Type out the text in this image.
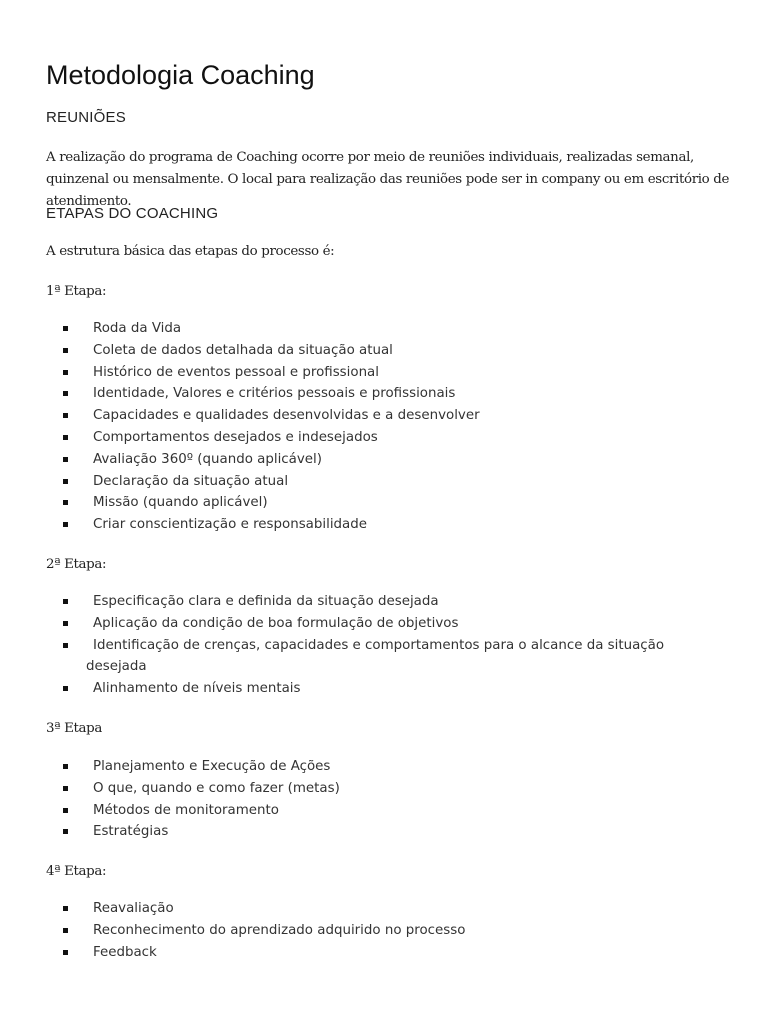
Metodologia Coaching
REUNIÕES

A realização do programa de Coaching ocorre por meio de reuniões individuais, realizadas semanal, quinzenal ou mensalmente. O local para realização das reuniões pode ser in company ou em escritório de atendimento.

ETAPAS DO COACHING

A estrutura básica das etapas do processo é:

1ª Etapa:

Roda da Vida
Coleta de dados detalhada da situação atual
Histórico de eventos pessoal e profissional
Identidade, Valores e critérios pessoais e profissionais
Capacidades e qualidades desenvolvidas e a desenvolver
Comportamentos desejados e indesejados
Avaliação 360º (quando aplicável)
Declaração da situação atual
Missão (quando aplicável)
Criar conscientização e responsabilidade

2ª Etapa:

Especificação clara e definida da situação desejada
Aplicação da condição de boa formulação de objetivos
Identificação de crenças, capacidades e comportamentos para o alcance da situação desejada
Alinhamento de níveis mentais

3ª Etapa

Planejamento e Execução de Ações
O que, quando e como fazer (metas)
Métodos de monitoramento
Estratégias

4ª Etapa:

Reavaliação
Reconhecimento do aprendizado adquirido no processo
Feedback
